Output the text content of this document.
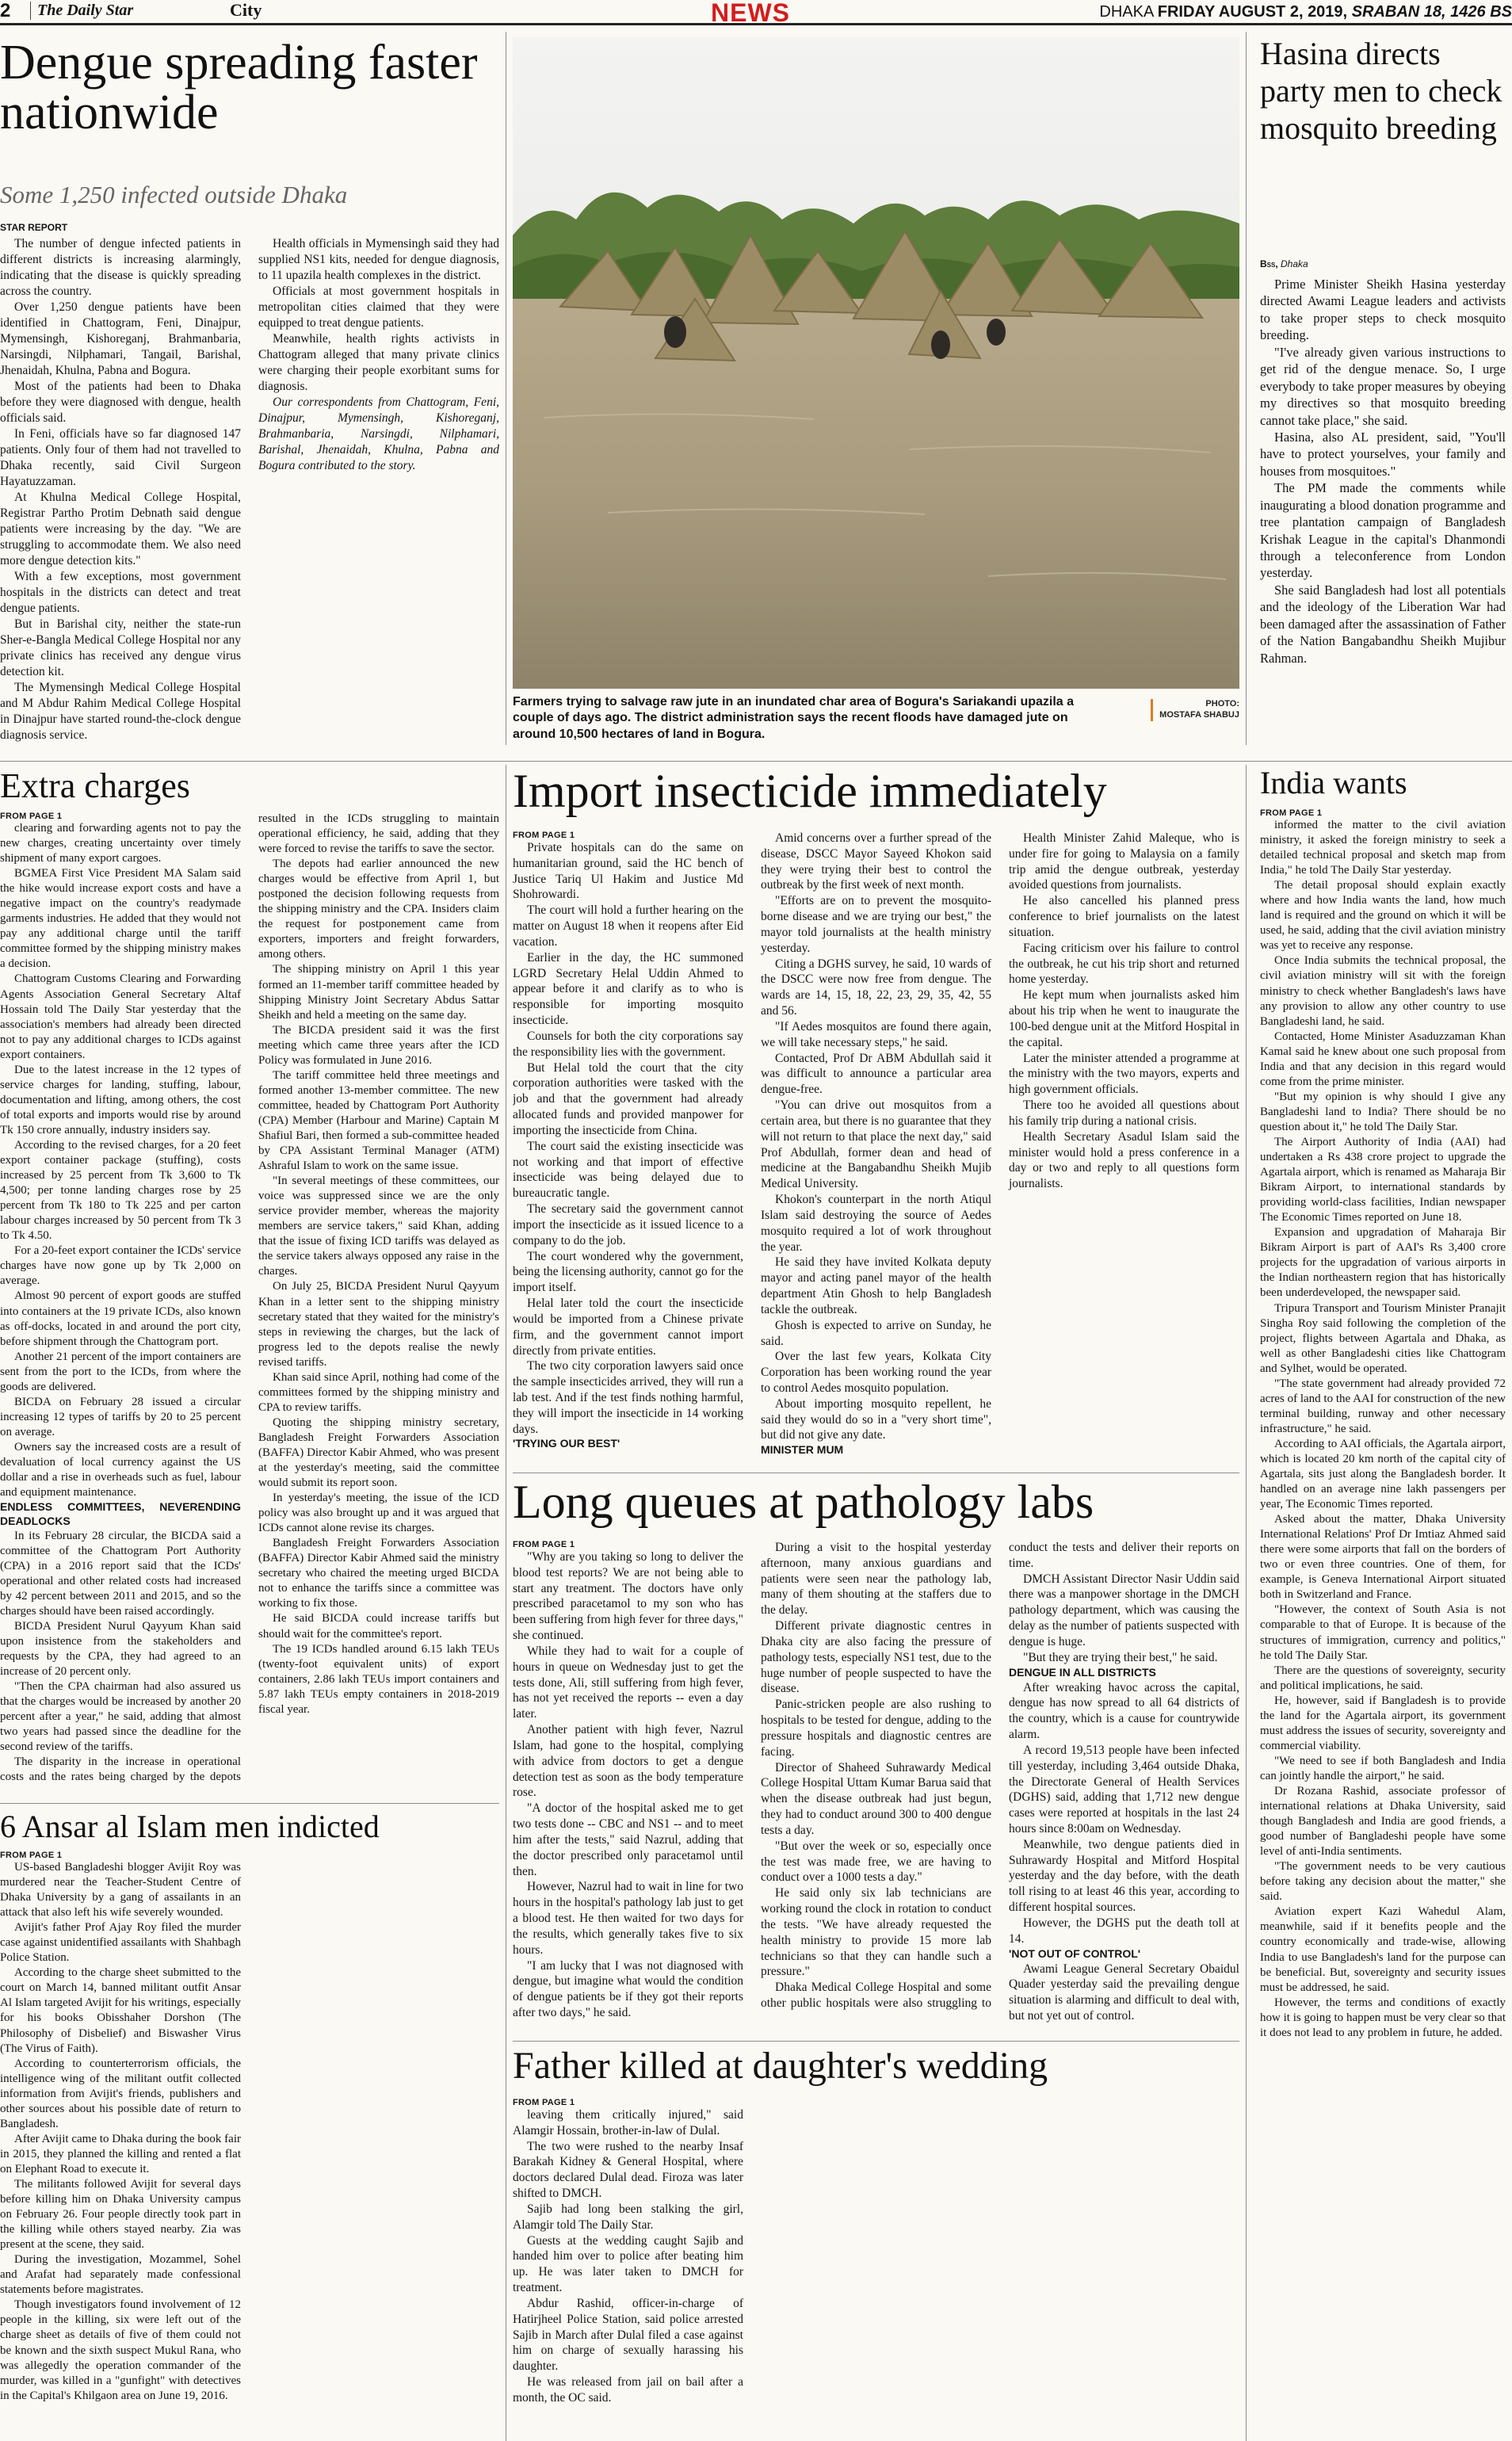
2	The Daily Star	City	NEWS	DHAKA FRIDAY AUGUST 2, 2019, SRABAN 18, 1426 BS
Dengue spreading faster nationwide
Some 1,250 infected outside Dhaka
STAR REPORT

The number of dengue infected patients in different districts is increasing alarmingly, indicating that the disease is quickly spreading across the country.

Over 1,250 dengue patients have been identified in Chattogram, Feni, Dinajpur, Mymensingh, Kishoreganj, Brahmanbaria, Narsingdi, Nilphamari, Tangail, Barishal, Jhenaidah, Khulna, Pabna and Bogura.

Most of the patients had been to Dhaka before they were diagnosed with dengue, health officials said.

In Feni, officials have so far diagnosed 147 patients. Only four of them had not travelled to Dhaka recently, said Civil Surgeon Hayatuzzaman.

At Khulna Medical College Hospital, Registrar Partho Protim Debnath said dengue patients were increasing by the day. "We are struggling to accommodate them. We also need more dengue detection kits."

With a few exceptions, most government hospitals in the districts can detect and treat dengue patients.

But in Barishal city, neither the state-run Sher-e-Bangla Medical College Hospital nor any private clinics has received any dengue virus detection kit.

The Mymensingh Medical College Hospital and M Abdur Rahim Medical College Hospital in Dinajpur have started round-the-clock dengue diagnosis service.

Health officials in Mymensingh said they had supplied NS1 kits, needed for dengue diagnosis, to 11 upazila health complexes in the district.

Officials at most government hospitals in metropolitan cities claimed that they were equipped to treat dengue patients.

Meanwhile, health rights activists in Chattogram alleged that many private clinics were charging their people exorbitant sums for diagnosis.

Our correspondents from Chattogram, Feni, Dinajpur, Mymensingh, Kishoreganj, Brahmanbaria, Narsingdi, Nilphamari, Barishal, Jhenaidah, Khulna, Pabna and Bogura contributed to the story.

Farmers trying to salvage raw jute in an inundated char area of Bogura's Sariakandi upazila a couple of days ago. The district administration says the recent floods have damaged jute on around 10,500 hectares of land in Bogura.
PHOTO:
MOSTAFA SHABUJ
Hasina directs party men to check mosquito breeding
Bss, Dhaka

Prime Minister Sheikh Hasina yesterday directed Awami League leaders and activists to take proper steps to check mosquito breeding.

"I've already given various instructions to get rid of the dengue menace. So, I urge everybody to take proper measures by obeying my directives so that mosquito breeding cannot take place," she said.

Hasina, also AL president, said, "You'll have to protect yourselves, your family and houses from mosquitoes."

The PM made the comments while inaugurating a blood donation programme and tree plantation campaign of Bangladesh Krishak League in the capital's Dhanmondi through a teleconference from London yesterday.

She said Bangladesh had lost all potentials and the ideology of the Liberation War had been damaged after the assassination of Father of the Nation Bangabandhu Sheikh Mujibur Rahman.

Extra charges

FROM PAGE 1

clearing and forwarding agents not to pay the new charges, creating uncertainty over timely shipment of many export cargoes.

BGMEA First Vice President MA Salam said the hike would increase export costs and have a negative impact on the country's readymade garments industries. He added that they would not pay any additional charge until the tariff committee formed by the shipping ministry makes a decision.

Chattogram Customs Clearing and Forwarding Agents Association General Secretary Altaf Hossain told The Daily Star yesterday that the association's members had already been directed not to pay any additional charges to ICDs against export containers.

Due to the latest increase in the 12 types of service charges for landing, stuffing, labour, documentation and lifting, among others, the cost of total exports and imports would rise by around Tk 150 crore annually, industry insiders say.

According to the revised charges, for a 20 feet export container package (stuffing), costs increased by 25 percent from Tk 3,600 to Tk 4,500; per tonne landing charges rose by 25 percent from Tk 180 to Tk 225 and per carton labour charges increased by 50 percent from Tk 3 to Tk 4.50.

For a 20-feet export container the ICDs' service charges have now gone up by Tk 2,000 on average.

Almost 90 percent of export goods are stuffed into containers at the 19 private ICDs, also known as off-docks, located in and around the port city, before shipment through the Chattogram port.

Another 21 percent of the import containers are sent from the port to the ICDs, from where the goods are delivered.

BICDA on February 28 issued a circular increasing 12 types of tariffs by 20 to 25 percent on average.

Owners say the increased costs are a result of devaluation of local currency against the US dollar and a rise in overheads such as fuel, labour and equipment maintenance.

ENDLESS COMMITTEES, NEVERENDING DEADLOCKS

In its February 28 circular, the BICDA said a committee of the Chattogram Port Authority (CPA) in a 2016 report said that the ICDs' operational and other related costs had increased by 42 percent between 2011 and 2015, and so the charges should have been raised accordingly.

BICDA President Nurul Qayyum Khan said upon insistence from the stakeholders and requests by the CPA, they had agreed to an increase of 20 percent only.

"Then the CPA chairman had also assured us that the charges would be increased by another 20 percent after a year," he said, adding that almost two years had passed since the deadline for the second review of the tariffs.

The disparity in the increase in operational costs and the rates being charged by the depots resulted in the ICDs struggling to maintain operational efficiency, he said, adding that they were forced to revise the tariffs to save the sector.

The depots had earlier announced the new charges would be effective from April 1, but postponed the decision following requests from the shipping ministry and the CPA. Insiders claim the request for postponement came from exporters, importers and freight forwarders, among others.

The shipping ministry on April 1 this year formed an 11-member tariff committee headed by Shipping Ministry Joint Secretary Abdus Sattar Sheikh and held a meeting on the same day.

The BICDA president said it was the first meeting which came three years after the ICD Policy was formulated in June 2016.

The tariff committee held three meetings and formed another 13-member committee. The new committee, headed by Chattogram Port Authority (CPA) Member (Harbour and Marine) Captain M Shafiul Bari, then formed a sub-committee headed by CPA Assistant Terminal Manager (ATM) Ashraful Islam to work on the same issue.

"In several meetings of these committees, our voice was suppressed since we are the only service provider member, whereas the majority members are service takers," said Khan, adding that the issue of fixing ICD tariffs was delayed as the service takers always opposed any raise in the charges.

On July 25, BICDA President Nurul Qayyum Khan in a letter sent to the shipping ministry secretary stated that they waited for the ministry's steps in reviewing the charges, but the lack of progress led to the depots realise the newly revised tariffs.

Khan said since April, nothing had come of the committees formed by the shipping ministry and CPA to review tariffs.

Quoting the shipping ministry secretary, Bangladesh Freight Forwarders Association (BAFFA) Director Kabir Ahmed, who was present at the yesterday's meeting, said the committee would submit its report soon.

In yesterday's meeting, the issue of the ICD policy was also brought up and it was argued that ICDs cannot alone revise its charges.

Bangladesh Freight Forwarders Association (BAFFA) Director Kabir Ahmed said the ministry secretary who chaired the meeting urged BICDA not to enhance the tariffs since a committee was working to fix those.

He said BICDA could increase tariffs but should wait for the committee's report.

The 19 ICDs handled around 6.15 lakh TEUs (twenty-foot equivalent units) of export containers, 2.86 lakh TEUs import containers and 5.87 lakh TEUs empty containers in 2018-2019 fiscal year.

6 Ansar al Islam men indicted

FROM PAGE 1

US-based Bangladeshi blogger Avijit Roy was murdered near the Teacher-Student Centre of Dhaka University by a gang of assailants in an attack that also left his wife severely wounded.

Avijit's father Prof Ajay Roy filed the murder case against unidentified assailants with Shahbagh Police Station.

According to the charge sheet submitted to the court on March 14, banned militant outfit Ansar Al Islam targeted Avijit for his writings, especially for his books Obisshaher Dorshon (The Philosophy of Disbelief) and Biswasher Virus (The Virus of Faith).

According to counterterrorism officials, the intelligence wing of the militant outfit collected information from Avijit's friends, publishers and other sources about his possible date of return to Bangladesh.

After Avijit came to Dhaka during the book fair in 2015, they planned the killing and rented a flat on Elephant Road to execute it.

The militants followed Avijit for several days before killing him on Dhaka University campus on February 26. Four people directly took part in the killing while others stayed nearby. Zia was present at the scene, they said.

During the investigation, Mozammel, Sohel and Arafat had separately made confessional statements before magistrates.

Though investigators found involvement of 12 people in the killing, six were left out of the charge sheet as details of five of them could not be known and the sixth suspect Mukul Rana, who was allegedly the operation commander of the murder, was killed in a "gunfight" with detectives in the Capital's Khilgaon area on June 19, 2016.

Import insecticide immediately

FROM PAGE 1

Private hospitals can do the same on humanitarian ground, said the HC bench of Justice Tariq Ul Hakim and Justice Md Shohrowardi.

The court will hold a further hearing on the matter on August 18 when it reopens after Eid vacation.

Earlier in the day, the HC summoned LGRD Secretary Helal Uddin Ahmed to appear before it and clarify as to who is responsible for importing mosquito insecticide.

Counsels for both the city corporations say the responsibility lies with the government.

But Helal told the court that the city corporation authorities were tasked with the job and that the government had already allocated funds and provided manpower for importing the insecticide from China.

The court said the existing insecticide was not working and that import of effective insecticide was being delayed due to bureaucratic tangle.

The secretary said the government cannot import the insecticide as it issued licence to a company to do the job.

The court wondered why the government, being the licensing authority, cannot go for the import itself.

Helal later told the court the insecticide would be imported from a Chinese private firm, and the government cannot import directly from private entities.

The two city corporation lawyers said once the sample insecticides arrived, they will run a lab test. And if the test finds nothing harmful, they will import the insecticide in 14 working days.

'TRYING OUR BEST'

Amid concerns over a further spread of the disease, DSCC Mayor Sayeed Khokon said they were trying their best to control the outbreak by the first week of next month.

"Efforts are on to prevent the mosquito-borne disease and we are trying our best," the mayor told journalists at the health ministry yesterday.

Citing a DGHS survey, he said, 10 wards of the DSCC were now free from dengue. The wards are 14, 15, 18, 22, 23, 29, 35, 42, 55 and 56.

"If Aedes mosquitos are found there again, we will take necessary steps," he said.

Contacted, Prof Dr ABM Abdullah said it was difficult to announce a particular area dengue-free.

"You can drive out mosquitos from a certain area, but there is no guarantee that they will not return to that place the next day," said Prof Abdullah, former dean and head of medicine at the Bangabandhu Sheikh Mujib Medical University.

Khokon's counterpart in the north Atiqul Islam said destroying the source of Aedes mosquito required a lot of work throughout the year.

He said they have invited Kolkata deputy mayor and acting panel mayor of the health department Atin Ghosh to help Bangladesh tackle the outbreak.

Ghosh is expected to arrive on Sunday, he said.

Over the last few years, Kolkata City Corporation has been working round the year to control Aedes mosquito population.

About importing mosquito repellent, he said they would do so in a "very short time", but did not give any date.

MINISTER MUM

Health Minister Zahid Maleque, who is under fire for going to Malaysia on a family trip amid the dengue outbreak, yesterday avoided questions from journalists.

He also cancelled his planned press conference to brief journalists on the latest situation.

Facing criticism over his failure to control the outbreak, he cut his trip short and returned home yesterday.

He kept mum when journalists asked him about his trip when he went to inaugurate the 100-bed dengue unit at the Mitford Hospital in the capital.

Later the minister attended a programme at the ministry with the two mayors, experts and high government officials.

There too he avoided all questions about his family trip during a national crisis.

Health Secretary Asadul Islam said the minister would hold a press conference in a day or two and reply to all questions form journalists.

Long queues at pathology labs

FROM PAGE 1

"Why are you taking so long to deliver the blood test reports? We are not being able to start any treatment. The doctors have only prescribed paracetamol to my son who has been suffering from high fever for three days," she continued.

While they had to wait for a couple of hours in queue on Wednesday just to get the tests done, Ali, still suffering from high fever, has not yet received the reports -- even a day later.

Another patient with high fever, Nazrul Islam, had gone to the hospital, complying with advice from doctors to get a dengue detection test as soon as the body temperature rose.

"A doctor of the hospital asked me to get two tests done -- CBC and NS1 -- and to meet him after the tests," said Nazrul, adding that the doctor prescribed only paracetamol until then.

However, Nazrul had to wait in line for two hours in the hospital's pathology lab just to get a blood test. He then waited for two days for the results, which generally takes five to six hours.

"I am lucky that I was not diagnosed with dengue, but imagine what would the condition of dengue patients be if they got their reports after two days," he said.

During a visit to the hospital yesterday afternoon, many anxious guardians and patients were seen near the pathology lab, many of them shouting at the staffers due to the delay.

Different private diagnostic centres in Dhaka city are also facing the pressure of pathology tests, especially NS1 test, due to the huge number of people suspected to have the disease.

Panic-stricken people are also rushing to hospitals to be tested for dengue, adding to the pressure hospitals and diagnostic centres are facing.

Director of Shaheed Suhrawardy Medical College Hospital Uttam Kumar Barua said that when the disease outbreak had just begun, they had to conduct around 300 to 400 dengue tests a day.

"But over the week or so, especially once the test was made free, we are having to conduct over a 1000 tests a day."

He said only six lab technicians are working round the clock in rotation to conduct the tests. "We have already requested the health ministry to provide 15 more lab technicians so that they can handle such a pressure."

Dhaka Medical College Hospital and some other public hospitals were also struggling to conduct the tests and deliver their reports on time.

DMCH Assistant Director Nasir Uddin said there was a manpower shortage in the DMCH pathology department, which was causing the delay as the number of patients suspected with dengue is huge.

"But they are trying their best," he said.

DENGUE IN ALL DISTRICTS

After wreaking havoc across the capital, dengue has now spread to all 64 districts of the country, which is a cause for countrywide alarm.

A record 19,513 people have been infected till yesterday, including 3,464 outside Dhaka, the Directorate General of Health Services (DGHS) said, adding that 1,712 new dengue cases were reported at hospitals in the last 24 hours since 8:00am on Wednesday.

Meanwhile, two dengue patients died in Suhrawardy Hospital and Mitford Hospital yesterday and the day before, with the death toll rising to at least 46 this year, according to different hospital sources.

However, the DGHS put the death toll at 14.

'NOT OUT OF CONTROL'

Awami League General Secretary Obaidul Quader yesterday said the prevailing dengue situation is alarming and difficult to deal with, but not yet out of control.

Father killed at daughter's wedding

FROM PAGE 1

leaving them critically injured," said Alamgir Hossain, brother-in-law of Dulal.

The two were rushed to the nearby Insaf Barakah Kidney & General Hospital, where doctors declared Dulal dead. Firoza was later shifted to DMCH.

Sajib had long been stalking the girl, Alamgir told The Daily Star.

Guests at the wedding caught Sajib and handed him over to police after beating him up. He was later taken to DMCH for treatment.

Abdur Rashid, officer-in-charge of Hatirjheel Police Station, said police arrested Sajib in March after Dulal filed a case against him on charge of sexually harassing his daughter.

He was released from jail on bail after a month, the OC said.

India wants

FROM PAGE 1

informed the matter to the civil aviation ministry, it asked the foreign ministry to seek a detailed technical proposal and sketch map from India," he told The Daily Star yesterday.

The detail proposal should explain exactly where and how India wants the land, how much land is required and the ground on which it will be used, he said, adding that the civil aviation ministry was yet to receive any response.

Once India submits the technical proposal, the civil aviation ministry will sit with the foreign ministry to check whether Bangladesh's laws have any provision to allow any other country to use Bangladeshi land, he said.

Contacted, Home Minister Asaduzzaman Khan Kamal said he knew about one such proposal from India and that any decision in this regard would come from the prime minister.

"But my opinion is why should I give any Bangladeshi land to India? There should be no question about it," he told The Daily Star.

The Airport Authority of India (AAI) had undertaken a Rs 438 crore project to upgrade the Agartala airport, which is renamed as Maharaja Bir Bikram Airport, to international standards by providing world-class facilities, Indian newspaper The Economic Times reported on June 18.

Expansion and upgradation of Maharaja Bir Bikram Airport is part of AAI's Rs 3,400 crore projects for the upgradation of various airports in the Indian northeastern region that has historically been underdeveloped, the newspaper said.

Tripura Transport and Tourism Minister Pranajit Singha Roy said following the completion of the project, flights between Agartala and Dhaka, as well as other Bangladeshi cities like Chattogram and Sylhet, would be operated.

"The state government had already provided 72 acres of land to the AAI for construction of the new terminal building, runway and other necessary infrastructure," he said.

According to AAI officials, the Agartala airport, which is located 20 km north of the capital city of Agartala, sits just along the Bangladesh border. It handled on an average nine lakh passengers per year, The Economic Times reported.

Asked about the matter, Dhaka University International Relations' Prof Dr Imtiaz Ahmed said there were some airports that fall on the borders of two or even three countries. One of them, for example, is Geneva International Airport situated both in Switzerland and France.

"However, the context of South Asia is not comparable to that of Europe. It is because of the structures of immigration, currency and politics," he told The Daily Star.

There are the questions of sovereignty, security and political implications, he said.

He, however, said if Bangladesh is to provide the land for the Agartala airport, its government must address the issues of security, sovereignty and commercial viability.

"We need to see if both Bangladesh and India can jointly handle the airport," he said.

Dr Rozana Rashid, associate professor of international relations at Dhaka University, said though Bangladesh and India are good friends, a good number of Bangladeshi people have some level of anti-India sentiments.

"The government needs to be very cautious before taking any decision about the matter," she said.

Aviation expert Kazi Wahedul Alam, meanwhile, said if it benefits people and the country economically and trade-wise, allowing India to use Bangladesh's land for the purpose can be beneficial. But, sovereignty and security issues must be addressed, he said.

However, the terms and conditions of exactly how it is going to happen must be very clear so that it does not lead to any problem in future, he added.
